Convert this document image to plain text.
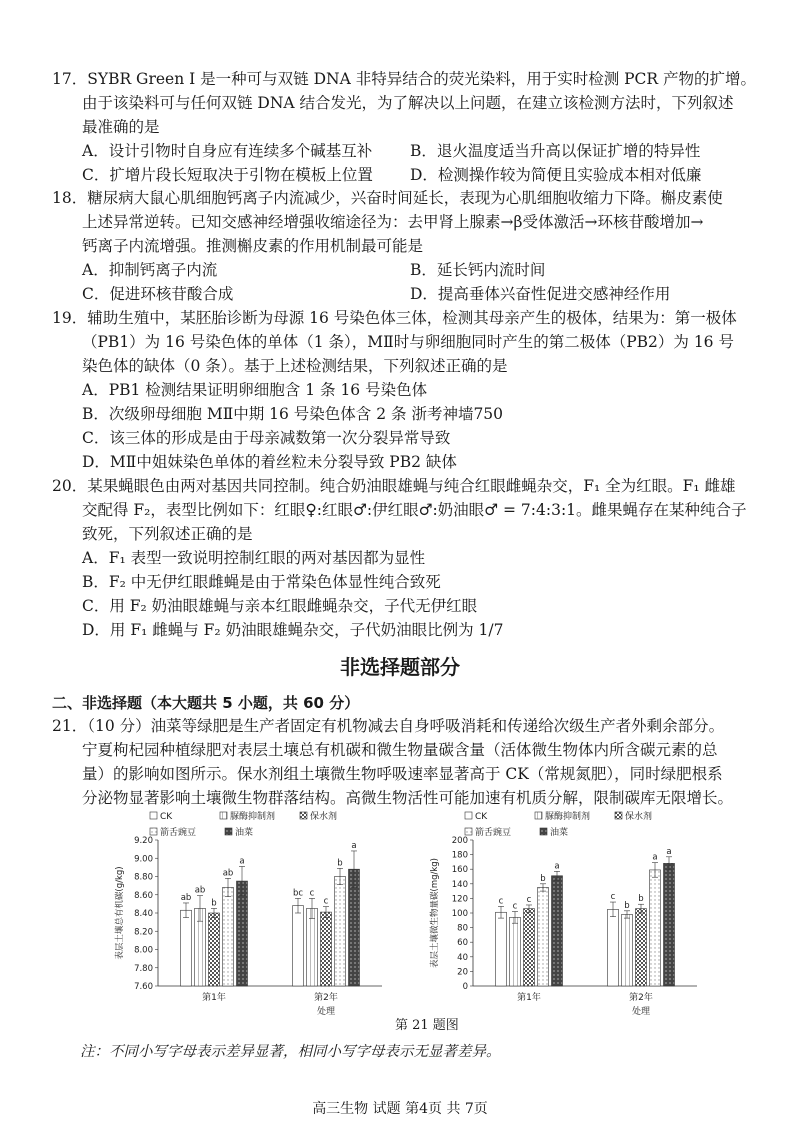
17．SYBR Green I 是一种可与双链 DNA 非特异结合的荧光染料，用于实时检测 PCR 产物的扩增。
由于该染料可与任何双链 DNA 结合发光，为了解决以上问题，在建立该检测方法时，下列叙述
最准确的是
A．设计引物时自身应有连续多个碱基互补 B．退火温度适当升高以保证扩增的特异性
C．扩增片段长短取决于引物在模板上位置 D．检测操作较为简便且实验成本相对低廉
18．糖尿病大鼠心肌细胞钙离子内流减少，兴奋时间延长，表现为心肌细胞收缩力下降。槲皮素使
上述异常逆转。已知交感神经增强收缩途径为：去甲肾上腺素→β受体激活→环核苷酸增加→
钙离子内流增强。推测槲皮素的作用机制最可能是
A．抑制钙离子内流	B．延长钙内流时间
C．促进环核苷酸合成	D．提高垂体兴奋性促进交感神经作用
19．辅助生殖中，某胚胎诊断为母源 16 号染色体三体，检测其母亲产生的极体，结果为：第一极体
（PB1）为 16 号染色体的单体（1 条），MⅡ时与卵细胞同时产生的第二极体（PB2）为 16 号
染色体的缺体（0 条）。基于上述检测结果，下列叙述正确的是
A．PB1 检测结果证明卵细胞含 1 条 16 号染色体
B．次级卵母细胞 MⅡ中期 16 号染色体含 2 条 浙考神墙750
C．该三体的形成是由于母亲减数第一次分裂异常导致
D．MⅡ中姐妹染色单体的着丝粒未分裂导致 PB2 缺体
20．某果蝇眼色由两对基因共同控制。纯合奶油眼雄蝇与纯合红眼雌蝇杂交，F₁ 全为红眼。F₁ 雌雄
交配得 F₂，表型比例如下：红眼♀:红眼♂:伊红眼♂:奶油眼♂ = 7:4:3:1。雌果蝇存在某种纯合子
致死，下列叙述正确的是
A．F₁ 表型一致说明控制红眼的两对基因都为显性
B．F₂ 中无伊红眼雌蝇是由于常染色体显性纯合致死
C．用 F₂ 奶油眼雄蝇与亲本红眼雌蝇杂交，子代无伊红眼
D．用 F₁ 雌蝇与 F₂ 奶油眼雄蝇杂交，子代奶油眼比例为 1/7
非选择题部分
二、非选择题（本大题共 5 小题，共 60 分）
21．（10 分）油菜等绿肥是生产者固定有机物减去自身呼吸消耗和传递给次级生产者外剩余部分。
宁夏枸杞园种植绿肥对表层土壤总有机碳和微生物量碳含量（活体微生物体内所含碳元素的总
量）的影响如图所示。保水剂组土壤微生物呼吸速率显著高于 CK（常规氮肥），同时绿肥根系
分泌物显著影响土壤微生物群落结构。高微生物活性可能加速有机质分解，限制碳库无限增长。
CK	脲酶抑制剂	保水剂
箭舌豌豆	油菜
7.60
7.80
8.00
8.20
8.40
8.60
8.80
9.00
9.20
表层土壤总有机碳(g/kg)	ab
ab
b
ab
a
第1年
bc c
c
b
a
第2年
处理
CK	脲酶抑制剂	保水剂
箭舌豌豆	油菜
0
20
40
60
80
100
120
140
160
180
200
表层土壤微生物量碳(mg/kg)	c
c
c
b
a
第1年
c
b
b
a
a
第2年
处理
第 21 题图
注：不同小写字母表示差异显著，相同小写字母表示无显著差异。
高三生物 试题 第4页 共 7页
